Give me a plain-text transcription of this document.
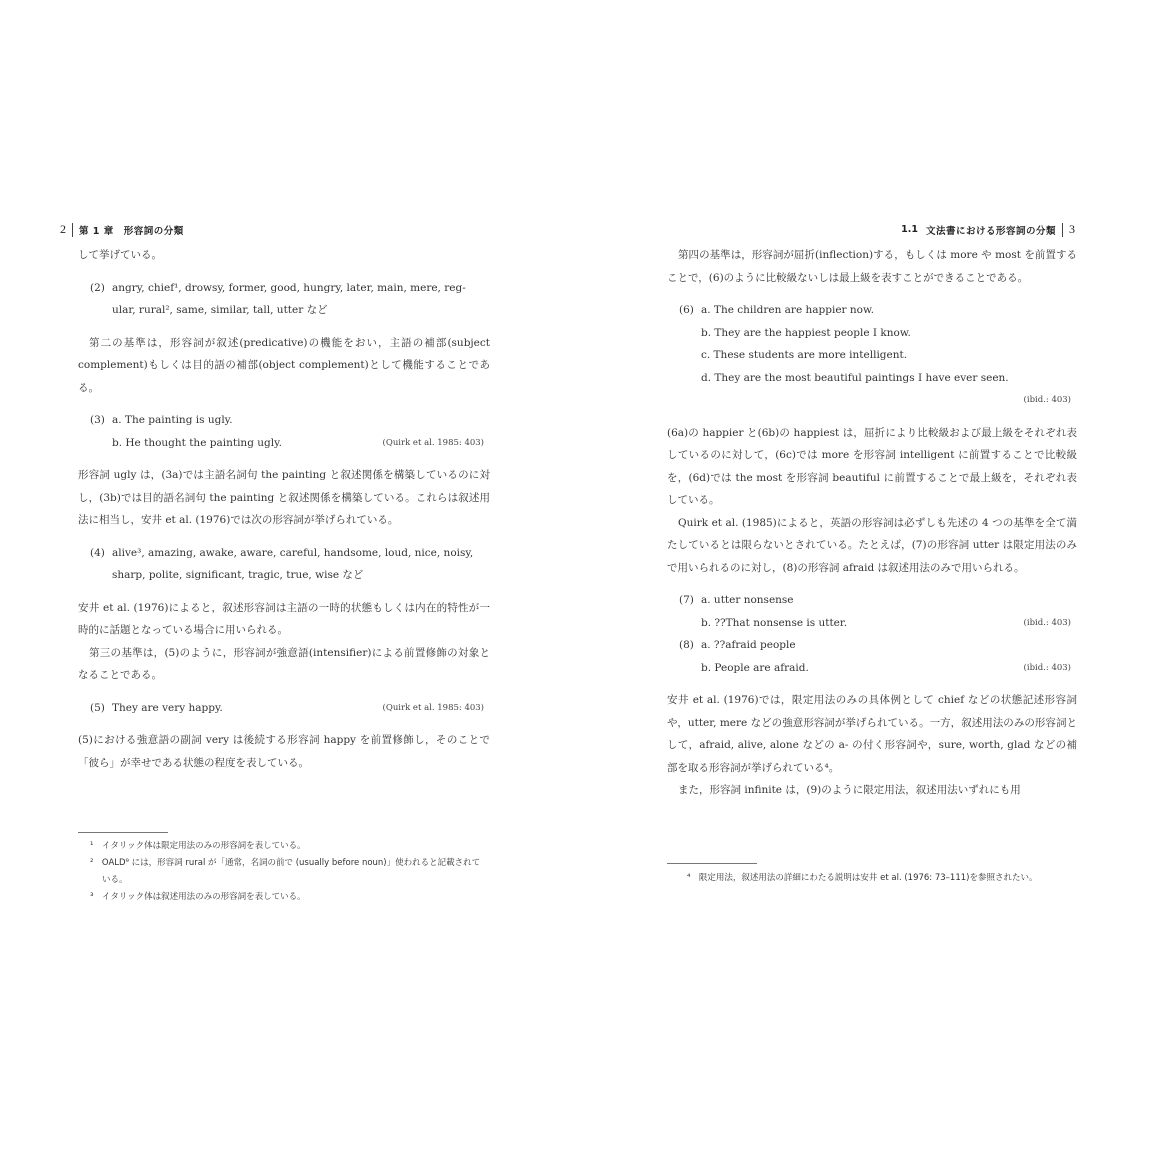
2 第 1 章　形容詞の分類

して挙げている。

(2) angry, chief¹, drowsy, former, good, hungry, later, main, mere, reg-
ular, rural², same, similar, tall, utter など

第二の基準は，形容詞が叙述(predicative)の機能をおい，主語の補部(subject complement)もしくは目的語の補部(object complement)として機能することである。

(3) a. The painting is ugly.
b. He thought the painting ugly.	(Quirk et al. 1985: 403)

形容詞 ugly は，(3a)では主語名詞句 the painting と叙述関係を構築しているのに対し，(3b)では目的語名詞句 the painting と叙述関係を構築している。これらは叙述用法に相当し，安井 et al. (1976)では次の形容詞が挙げられている。

(4) alive³, amazing, awake, aware, careful, handsome, loud, nice, noisy,
sharp, polite, significant, tragic, true, wise など

安井 et al. (1976)によると，叙述形容詞は主語の一時的状態もしくは内在的特性が一時的に話題となっている場合に用いられる。

第三の基準は，(5)のように，形容詞が強意語(intensifier)による前置修飾の対象となることである。

(5) They are very happy.	(Quirk et al. 1985: 403)

(5)における強意語の副詞 very は後続する形容詞 happy を前置修飾し，そのことで「彼ら」が幸せである状態の程度を表している。

¹　イタリック体は限定用法のみの形容詞を表している。

²　OALD⁹ には，形容詞 rural が「通常，名詞の前で (usually before noun)」使われると記載されている。

³　イタリック体は叙述用法のみの形容詞を表している。

1.1 文法書における形容詞の分類 3

第四の基準は，形容詞が屈折(inflection)する，もしくは more や most を前置することで，(6)のように比較級ないしは最上級を表すことができることである。

(6) a. The children are happier now.
b. They are the happiest people I know.
c. These students are more intelligent.
d. They are the most beautiful paintings I have ever seen.
(ibid.: 403)

(6a)の happier と(6b)の happiest は，屈折により比較級および最上級をそれぞれ表しているのに対して，(6c)では more を形容詞 intelligent に前置することで比較級を，(6d)では the most を形容詞 beautiful に前置することで最上級を，それぞれ表している。

Quirk et al. (1985)によると，英語の形容詞は必ずしも先述の 4 つの基準を全て満たしているとは限らないとされている。たとえば，(7)の形容詞 utter は限定用法のみで用いられるのに対し，(8)の形容詞 afraid は叙述用法のみで用いられる。

(7) a. utter nonsense
b. ??That nonsense is utter.	(ibid.: 403)
(8) a. ??afraid people
b. People are afraid.	(ibid.: 403)

安井 et al. (1976)では，限定用法のみの具体例として chief などの状態記述形容詞や，utter, mere などの強意形容詞が挙げられている。一方，叙述用法のみの形容詞として，afraid, alive, alone などの a- の付く形容詞や，sure, worth, glad などの補部を取る形容詞が挙げられている⁴。

また，形容詞 infinite は，(9)のように限定用法，叙述用法いずれにも用

⁴　限定用法，叙述用法の詳細にわたる説明は安井 et al. (1976: 73–111)を参照されたい。
